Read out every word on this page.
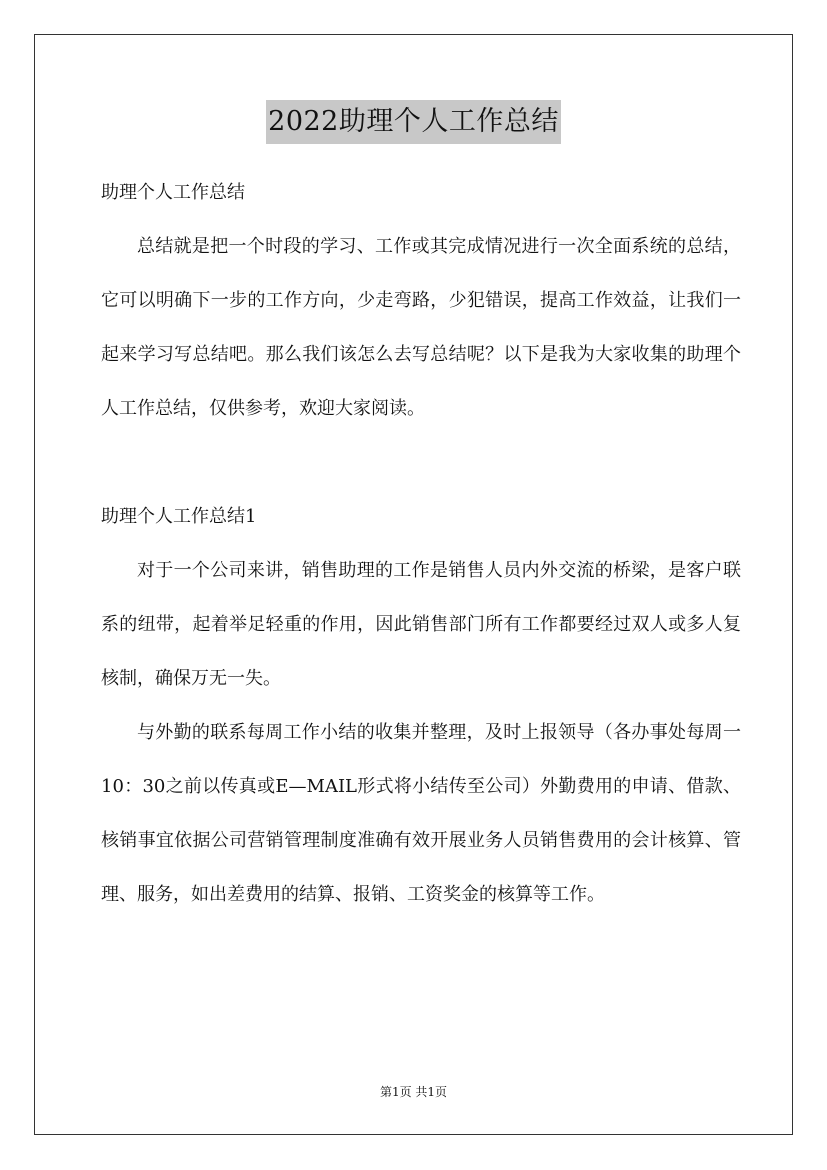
2022助理个人工作总结

助理个人工作总结

总结就是把一个时段的学习、工作或其完成情况进行一次全面系统的总结，它可以明确下一步的工作方向，少走弯路，少犯错误，提高工作效益，让我们一起来学习写总结吧。那么我们该怎么去写总结呢？以下是我为大家收集的助理个人工作总结，仅供参考，欢迎大家阅读。

助理个人工作总结1

对于一个公司来讲，销售助理的工作是销售人员内外交流的桥梁，是客户联系的纽带，起着举足轻重的作用，因此销售部门所有工作都要经过双人或多人复核制，确保万无一失。

与外勤的联系每周工作小结的收集并整理，及时上报领导（各办事处每周一10：30之前以传真或E—MAIL形式将小结传至公司）外勤费用的申请、借款、核销事宜依据公司营销管理制度准确有效开展业务人员销售费用的会计核算、管理、服务，如出差费用的结算、报销、工资奖金的核算等工作。

第1页 共1页
